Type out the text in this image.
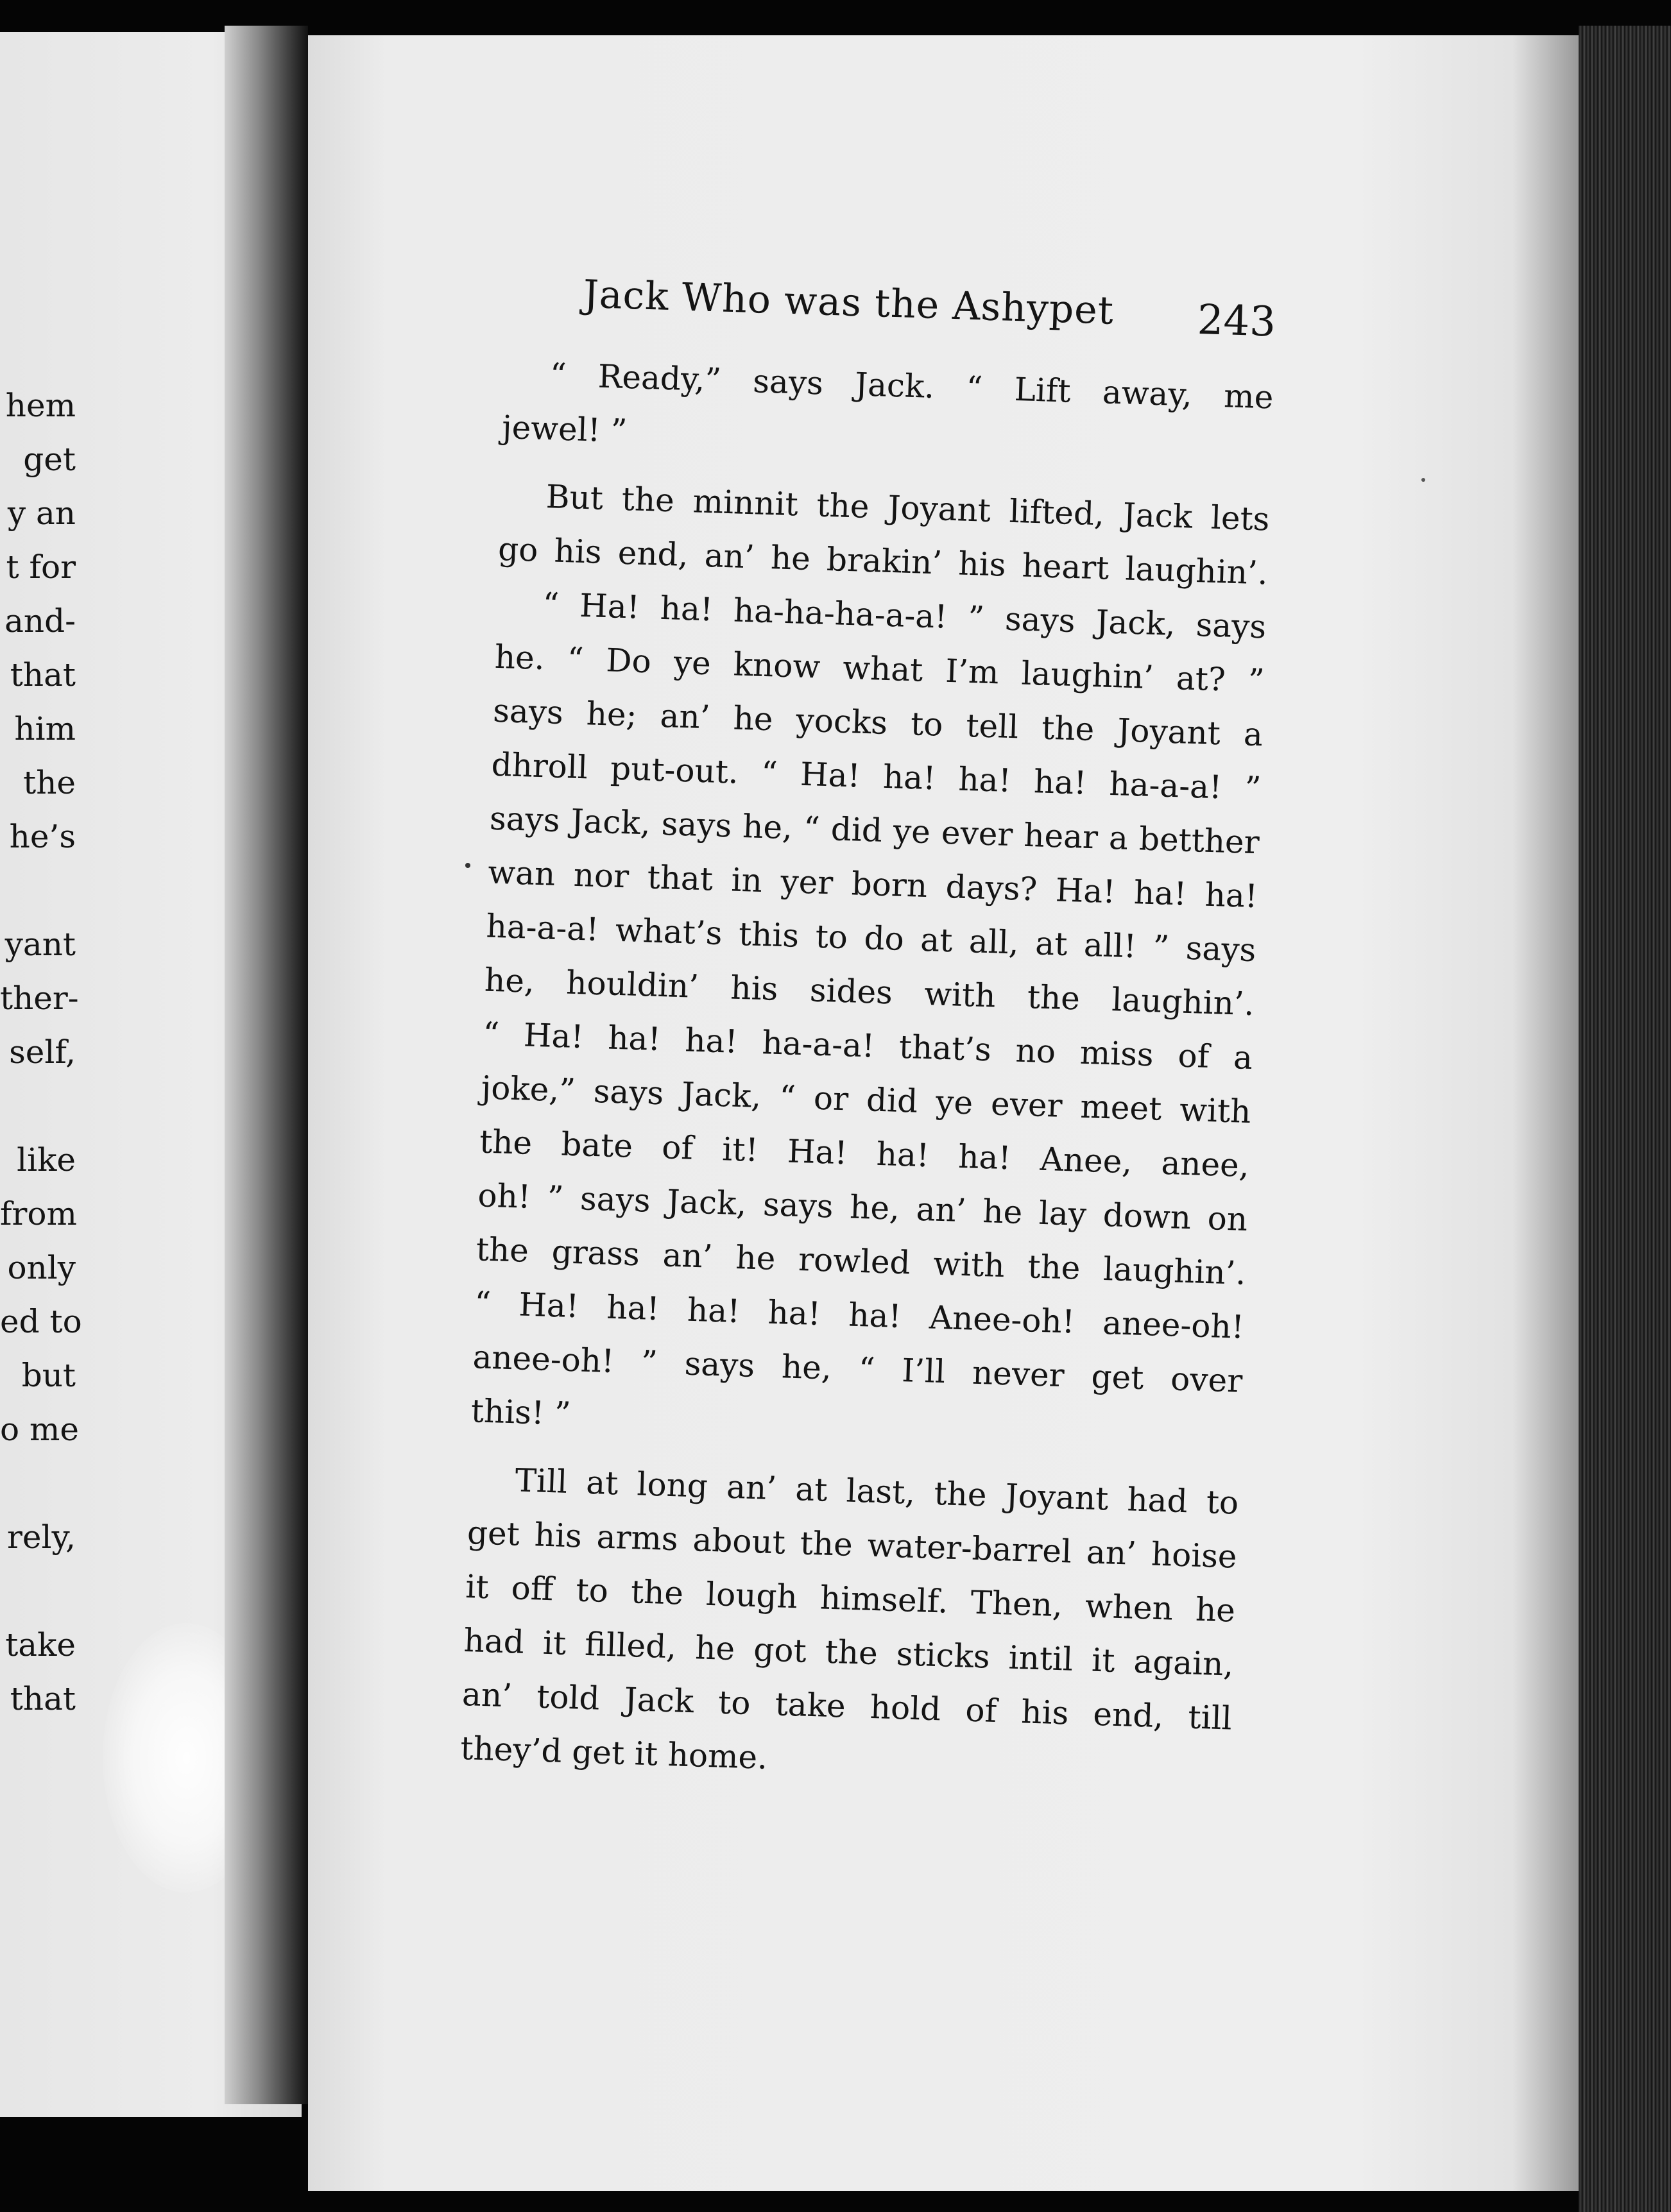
hem
get
y an
t for
and-
that
him
the
he’s
yant
ther-
self,
like
from
only
ed to
but
o me
rely,
take
that
Jack Who was the Ashypet 243
“ Ready,” says Jack. “ Lift away, me
jewel! ”
But the minnit the Joyant lifted, Jack lets
go his end, an’ he brakin’ his heart laughin’.
“ Ha! ha! ha-ha-ha-a-a! ” says Jack, says
he. “ Do ye know what I’m laughin’ at? ”
says he; an’ he yocks to tell the Joyant a
dhroll put-out. “ Ha! ha! ha! ha! ha-a-a! ”
says Jack, says he, “ did ye ever hear a betther
wan nor that in yer born days? Ha! ha! ha!
ha-a-a! what’s this to do at all, at all! ” says
he, houldin’ his sides with the laughin’.
“ Ha! ha! ha! ha-a-a! that’s no miss of a
joke,” says Jack, “ or did ye ever meet with
the bate of it! Ha! ha! ha! Anee, anee,
oh! ” says Jack, says he, an’ he lay down on
the grass an’ he rowled with the laughin’.
“ Ha! ha! ha! ha! ha! Anee-oh! anee-oh!
anee-oh! ” says he, “ I’ll never get over
this! ”
Till at long an’ at last, the Joyant had to
get his arms about the water-barrel an’ hoise
it off to the lough himself. Then, when he
had it filled, he got the sticks intil it again,
an’ told Jack to take hold of his end, till
they’d get it home.
